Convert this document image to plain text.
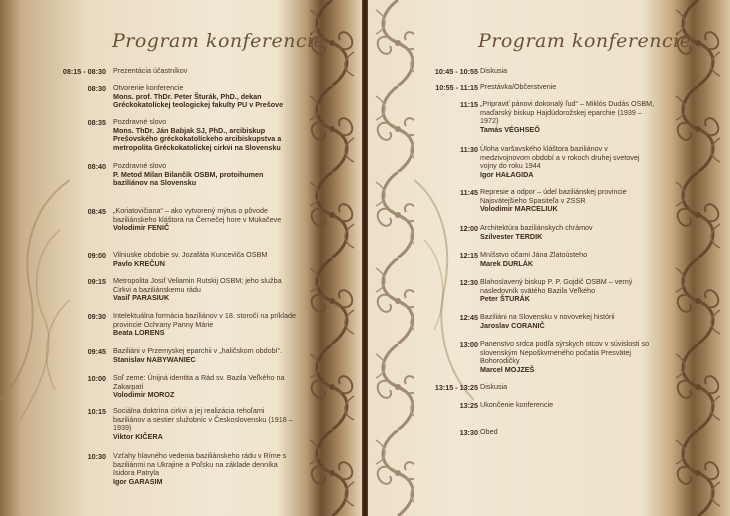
Program konferencie
08:15 - 08:30 Prezentácia účastníkov
08:30 Otvorenie konferencie
Mons. prof. ThDr. Peter Šturák, PhD., dekan Gréckokatolíckej teologickej fakulty PU v Prešove
08:35 Pozdravné slovo
Mons. ThDr. Ján Babjak SJ, PhD., arcibiskup Prešovského gréckokatolíckeho arcibiskupstva a metropolita Gréckokatolíckej cirkvi na Slovensku
08:40 Pozdravné slovo
P. Metod Milan Bilančík OSBM, protoihumen baziliánov na Slovensku
08:45 „Koriatovičiana“ – ako vytvorený mýtus o pôvode baziliánskeho kláštora na Černečej hore v Mukačeve
Volodimir FENIČ
09:00 Vilniuske obdobie sv. Jozafáta Kunceviča OSBM
Pavlo KREČUN
09:15 Metropolita Josif Veliamin Rutskij OSBM; jeho služba Cirkvi a baziliánskemu rádu
Vasiľ PARASIUK
09:30 Intelektuálna formácia baziliánov v 18. storočí na príklade provincie Ochrany Panny Márie
Beata LORENS
09:45 Baziliáni v Przemyskej eparchii v „haličskom období“.
Stanislav NABYWANIEC
10:00 Soľ zeme: Únijná identita a Rád sv. Bazila Veľkého na Zakarpatí
Volodimir MOROZ
10:15 Sociálna doktrína cirkvi a jej realizácia rehoľami baziliánov a sestier služobníc v Československu (1918 – 1939)
Viktor KIČERA
10:30 Vzťahy hlavného vedenia baziliánskeho rádu v Ríme s baziliánmi na Ukrajine a Poľsku na základe denníka Isidora Patryla
Igor GARASIM
Program konferencie
10:45 - 10:55 Diskusia
10:55 - 11:15 Prestávka/Občerstvenie
11:15 „Pripraviť pánovi dokonalý ľud“ – Miklós Dudás OSBM, maďarský biskup Hajdúdorožskej eparchie (1939 – 1972)
Tamás VÉGHSEŐ
11:30 Úloha varšavského kláštora baziliánov v medzivojnovom období a v rokoch druhej svetovej vojny do roku 1944
Igor HAŁAGIDA
11:45 Represie a odpor – údel baziliánskej provincie Najsvätejšieho Spasiteľa v ZSSR
Volodimir MARCELIUK
12:00 Architektúra baziliánskych chrámov
Szilvester TERDIK
12:15 Mníšstvo očami Jána Zlatoústeho
Marek DURLÁK
12:30 Blahoslavený biskup P. P. Gojdič OSBM – verný nasledovník svätého Bazila Veľkého
Peter ŠTURÁK
12:45 Baziliáni na Slovensku v novovekej histórii
Jaroslav CORANIČ
13:00 Panenstvo srdca podľa sýrskych otcov v súvislosti so slovenským Nepoškvrneného počatia Presvätej Bohorodičky
Marcel MOJZEŠ
13:15 - 13:25 Diskusia
13:25 Ukončenie konferencie
13:30 Obed
